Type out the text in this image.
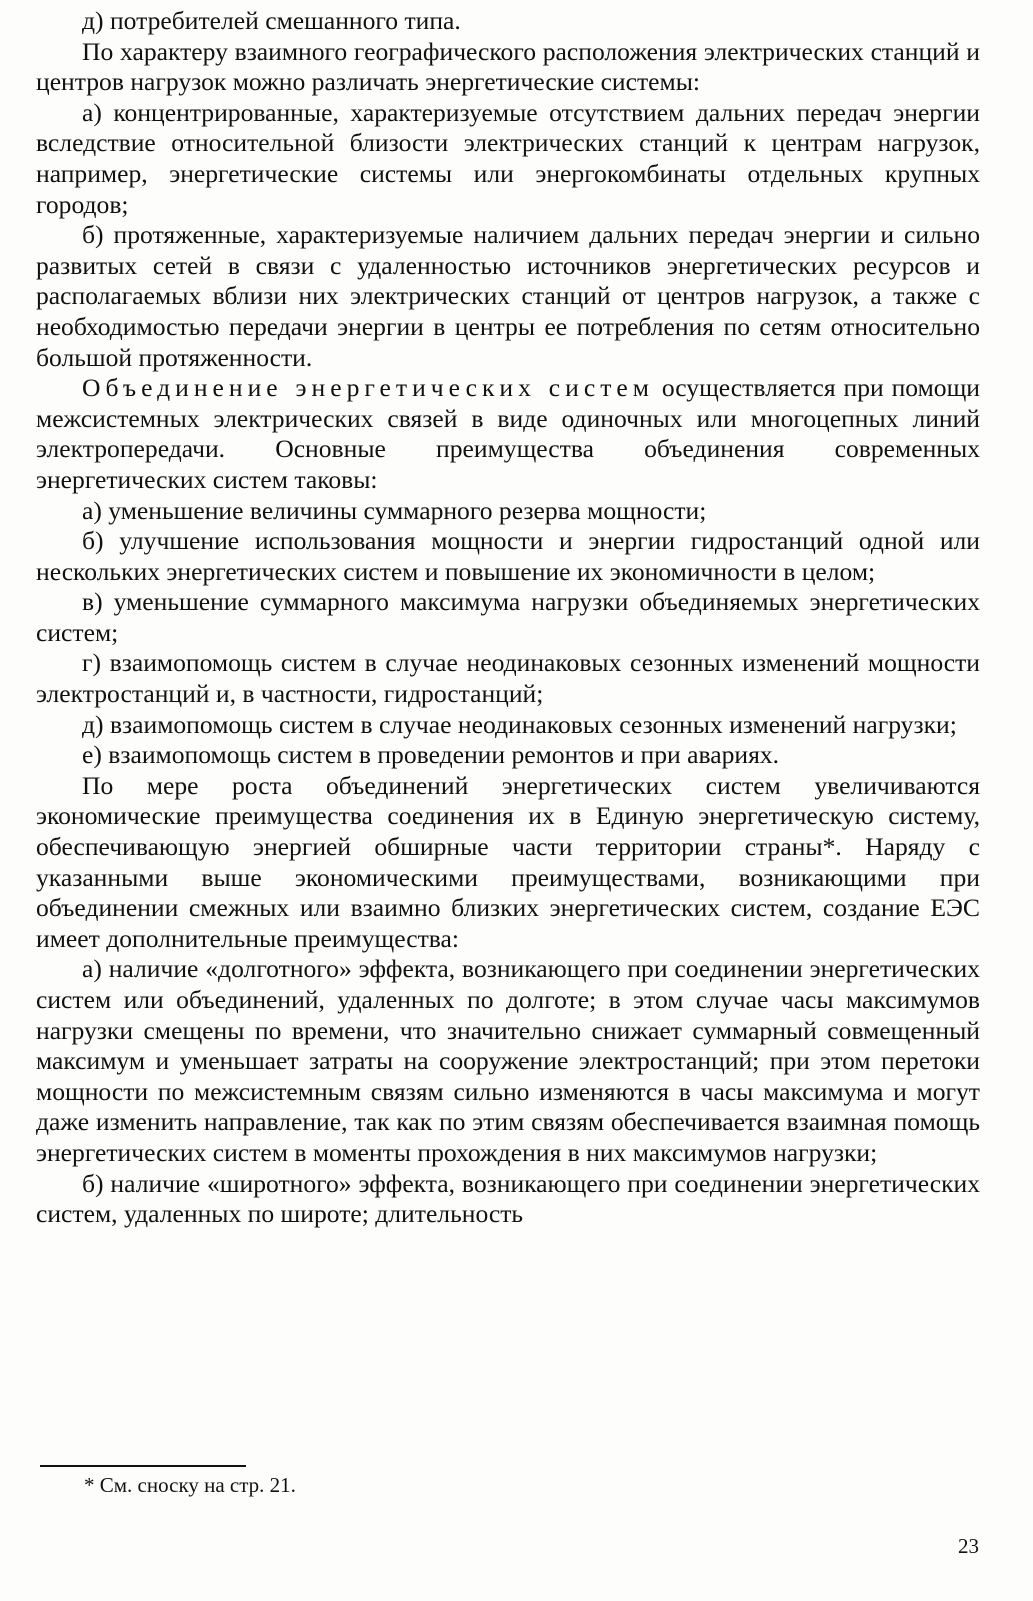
д) потребителей смешанного типа.

По характеру взаимного географического расположения электрических станций и центров нагрузок можно различать энергетические системы:

а) концентрированные, характеризуемые отсутствием дальних передач энергии вследствие относительной близости электрических станций к центрам нагрузок, например, энергетические системы или энергокомбинаты отдельных крупных городов;

б) протяженные, характеризуемые наличием дальних передач энергии и сильно развитых сетей в связи с удаленностью источников энергетических ресурсов и располагаемых вблизи них электрических станций от центров нагрузок, а также с необходимостью передачи энергии в центры ее потребления по сетям относительно большой протяженности.

Объединение энергетических систем осуществляется при помощи межсистемных электрических связей в виде одиночных или многоцепных линий электропередачи. Основные преимущества объединения современных энергетических систем таковы:

а) уменьшение величины суммарного резерва мощности;

б) улучшение использования мощности и энергии гидростанций одной или нескольких энергетических систем и повышение их экономичности в целом;

в) уменьшение суммарного максимума нагрузки объединяемых энергетических систем;

г) взаимопомощь систем в случае неодинаковых сезонных изменений мощности электростанций и, в частности, гидростанций;

д) взаимопомощь систем в случае неодинаковых сезонных изменений нагрузки;

е) взаимопомощь систем в проведении ремонтов и при авариях.

По мере роста объединений энергетических систем увеличиваются экономические преимущества соединения их в Единую энергетическую систему, обеспечивающую энергией обширные части территории страны*. Наряду с указанными выше экономическими преимуществами, возникающими при объединении смежных или взаимно близких энергетических систем, создание ЕЭС имеет дополнительные преимущества:

а) наличие «долготного» эффекта, возникающего при соединении энергетических систем или объединений, удаленных по долготе; в этом случае часы максимумов нагрузки смещены по времени, что значительно снижает суммарный совмещенный максимум и уменьшает затраты на сооружение электростанций; при этом перетоки мощности по межсистемным связям сильно изменяются в часы максимума и могут даже изменить направление, так как по этим связям обеспечивается взаимная помощь энергетических систем в моменты прохождения в них максимумов нагрузки;

б) наличие «широтного» эффекта, возникающего при соединении энергетических систем, удаленных по широте; длительность

* См. сноску на стр. 21.
23
